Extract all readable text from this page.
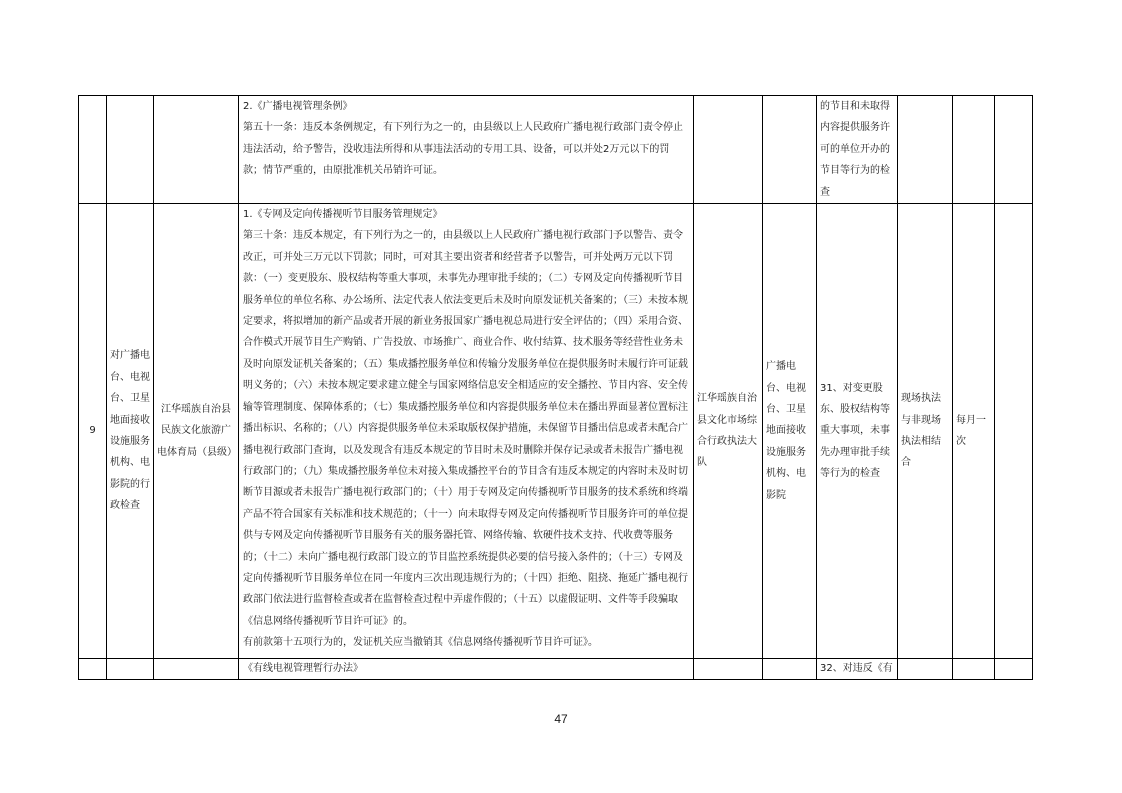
			2.《广播电视管理条例》
第五十一条：违反本条例规定，有下列行为之一的，由县级以上人民政府广播电视行政部门责令停止违法活动，给予警告，没收违法所得和从事违法活动的专用工具、设备，可以并处2万元以下的罚款；情节严重的，由原批准机关吊销许可证。			的节目和未取得内容提供服务许可的单位开办的节目等行为的检查			
9	对广播电台、电视台、卫星地面接收设施服务机构、电影院的行政检查	江华瑶族自治县民族文化旅游广电体育局（县级）	1.《专网及定向传播视听节目服务管理规定》
第三十条：违反本规定，有下列行为之一的，由县级以上人民政府广播电视行政部门予以警告、责令改正，可并处三万元以下罚款；同时，可对其主要出资者和经营者予以警告，可并处两万元以下罚款：（一）变更股东、股权结构等重大事项，未事先办理审批手续的；（二）专网及定向传播视听节目服务单位的单位名称、办公场所、法定代表人依法变更后未及时向原发证机关备案的；（三）未按本规定要求，将拟增加的新产品或者开展的新业务报国家广播电视总局进行安全评估的；（四）采用合资、合作模式开展节目生产购销、广告投放、市场推广、商业合作、收付结算、技术服务等经营性业务未及时向原发证机关备案的；（五）集成播控服务单位和传输分发服务单位在提供服务时未履行许可证载明义务的；（六）未按本规定要求建立健全与国家网络信息安全相适应的安全播控、节目内容、安全传输等管理制度、保障体系的；（七）集成播控服务单位和内容提供服务单位未在播出界面显著位置标注播出标识、名称的；（八）内容提供服务单位未采取版权保护措施，未保留节目播出信息或者未配合广播电视行政部门查询，以及发现含有违反本规定的节目时未及时删除并保存记录或者未报告广播电视行政部门的；（九）集成播控服务单位未对接入集成播控平台的节目含有违反本规定的内容时未及时切断节目源或者未报告广播电视行政部门的；（十）用于专网及定向传播视听节目服务的技术系统和终端产品不符合国家有关标准和技术规范的；（十一）向未取得专网及定向传播视听节目服务许可的单位提供与专网及定向传播视听节目服务有关的服务器托管、网络传输、软硬件技术支持、代收费等服务的；（十二）未向广播电视行政部门设立的节目监控系统提供必要的信号接入条件的；（十三）专网及定向传播视听节目服务单位在同一年度内三次出现违规行为的；（十四）拒绝、阻挠、拖延广播电视行政部门依法进行监督检查或者在监督检查过程中弄虚作假的；（十五）以虚假证明、文件等手段骗取《信息网络传播视听节目许可证》的。
有前款第十五项行为的，发证机关应当撤销其《信息网络传播视听节目许可证》。	江华瑶族自治县文化市场综合行政执法大队	广播电台、电视台、卫星地面接收设施服务机构、电影院	31、对变更股东、股权结构等重大事项，未事先办理审批手续等行为的检查	现场执法与非现场执法相结合	每月一次	
			《有线电视管理暂行办法》			32、对违反《有			
47
